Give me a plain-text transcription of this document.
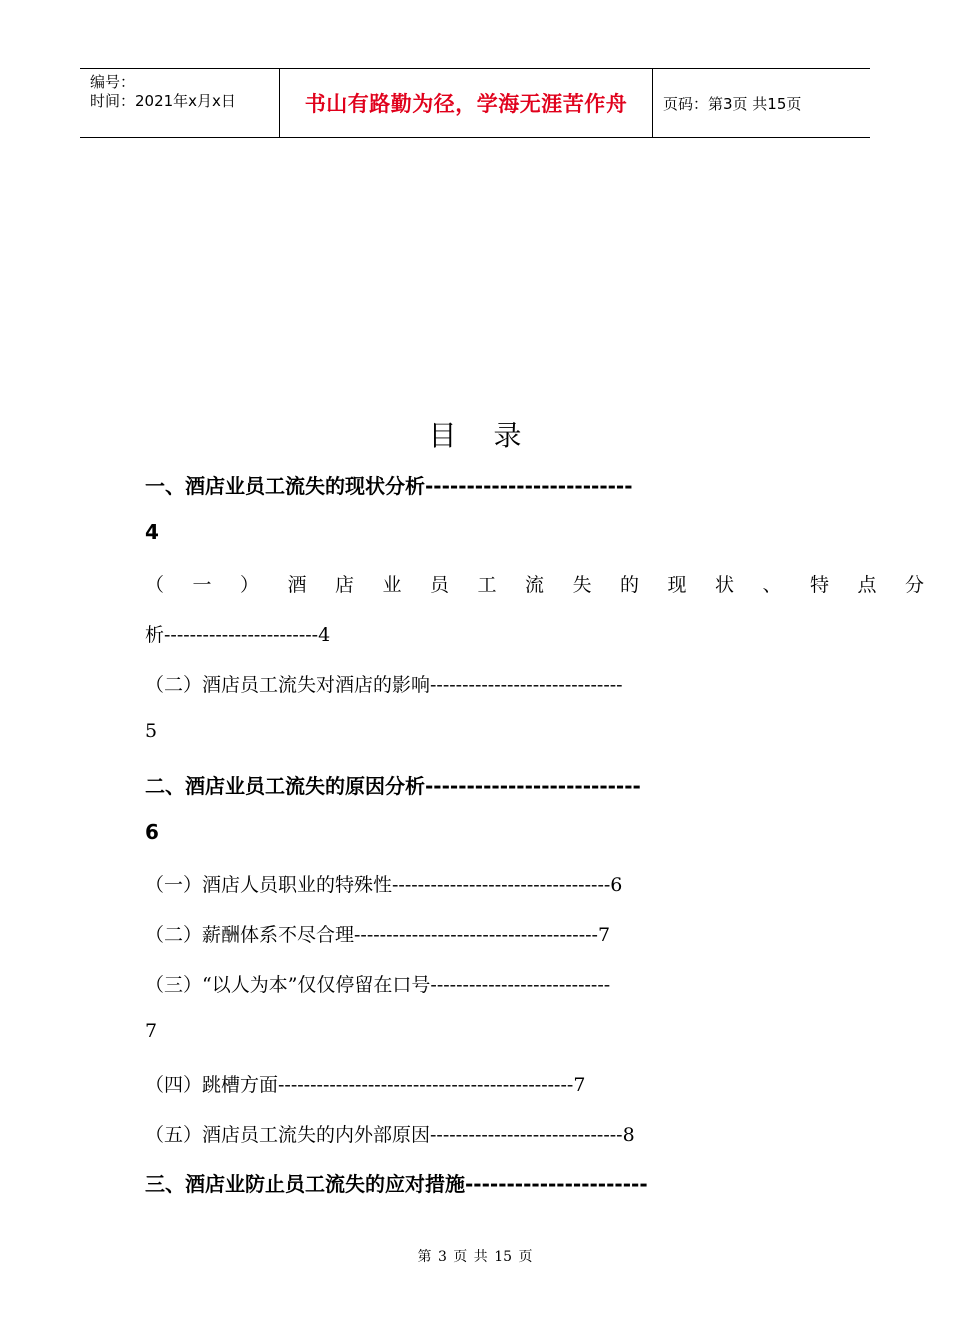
编号：
时间：2021年x月x日	书山有路勤为径，学海无涯苦作舟	页码：第3页 共15页
目 录
一、酒店业员工流失的现状分析-------------------------
4
（一）酒店业员工流失的现状、特点分
析------------------------4
（二）酒店员工流失对酒店的影响------------------------------
5
二、酒店业员工流失的原因分析--------------------------
6
（一）酒店人员职业的特殊性----------------------------------6
（二）薪酬体系不尽合理--------------------------------------7
（三）“以人为本”仅仅停留在口号----------------------------
7
（四）跳槽方面----------------------------------------------7
（五）酒店员工流失的内外部原因------------------------------8
三、酒店业防止员工流失的应对措施----------------------
第 3 页 共 15 页
